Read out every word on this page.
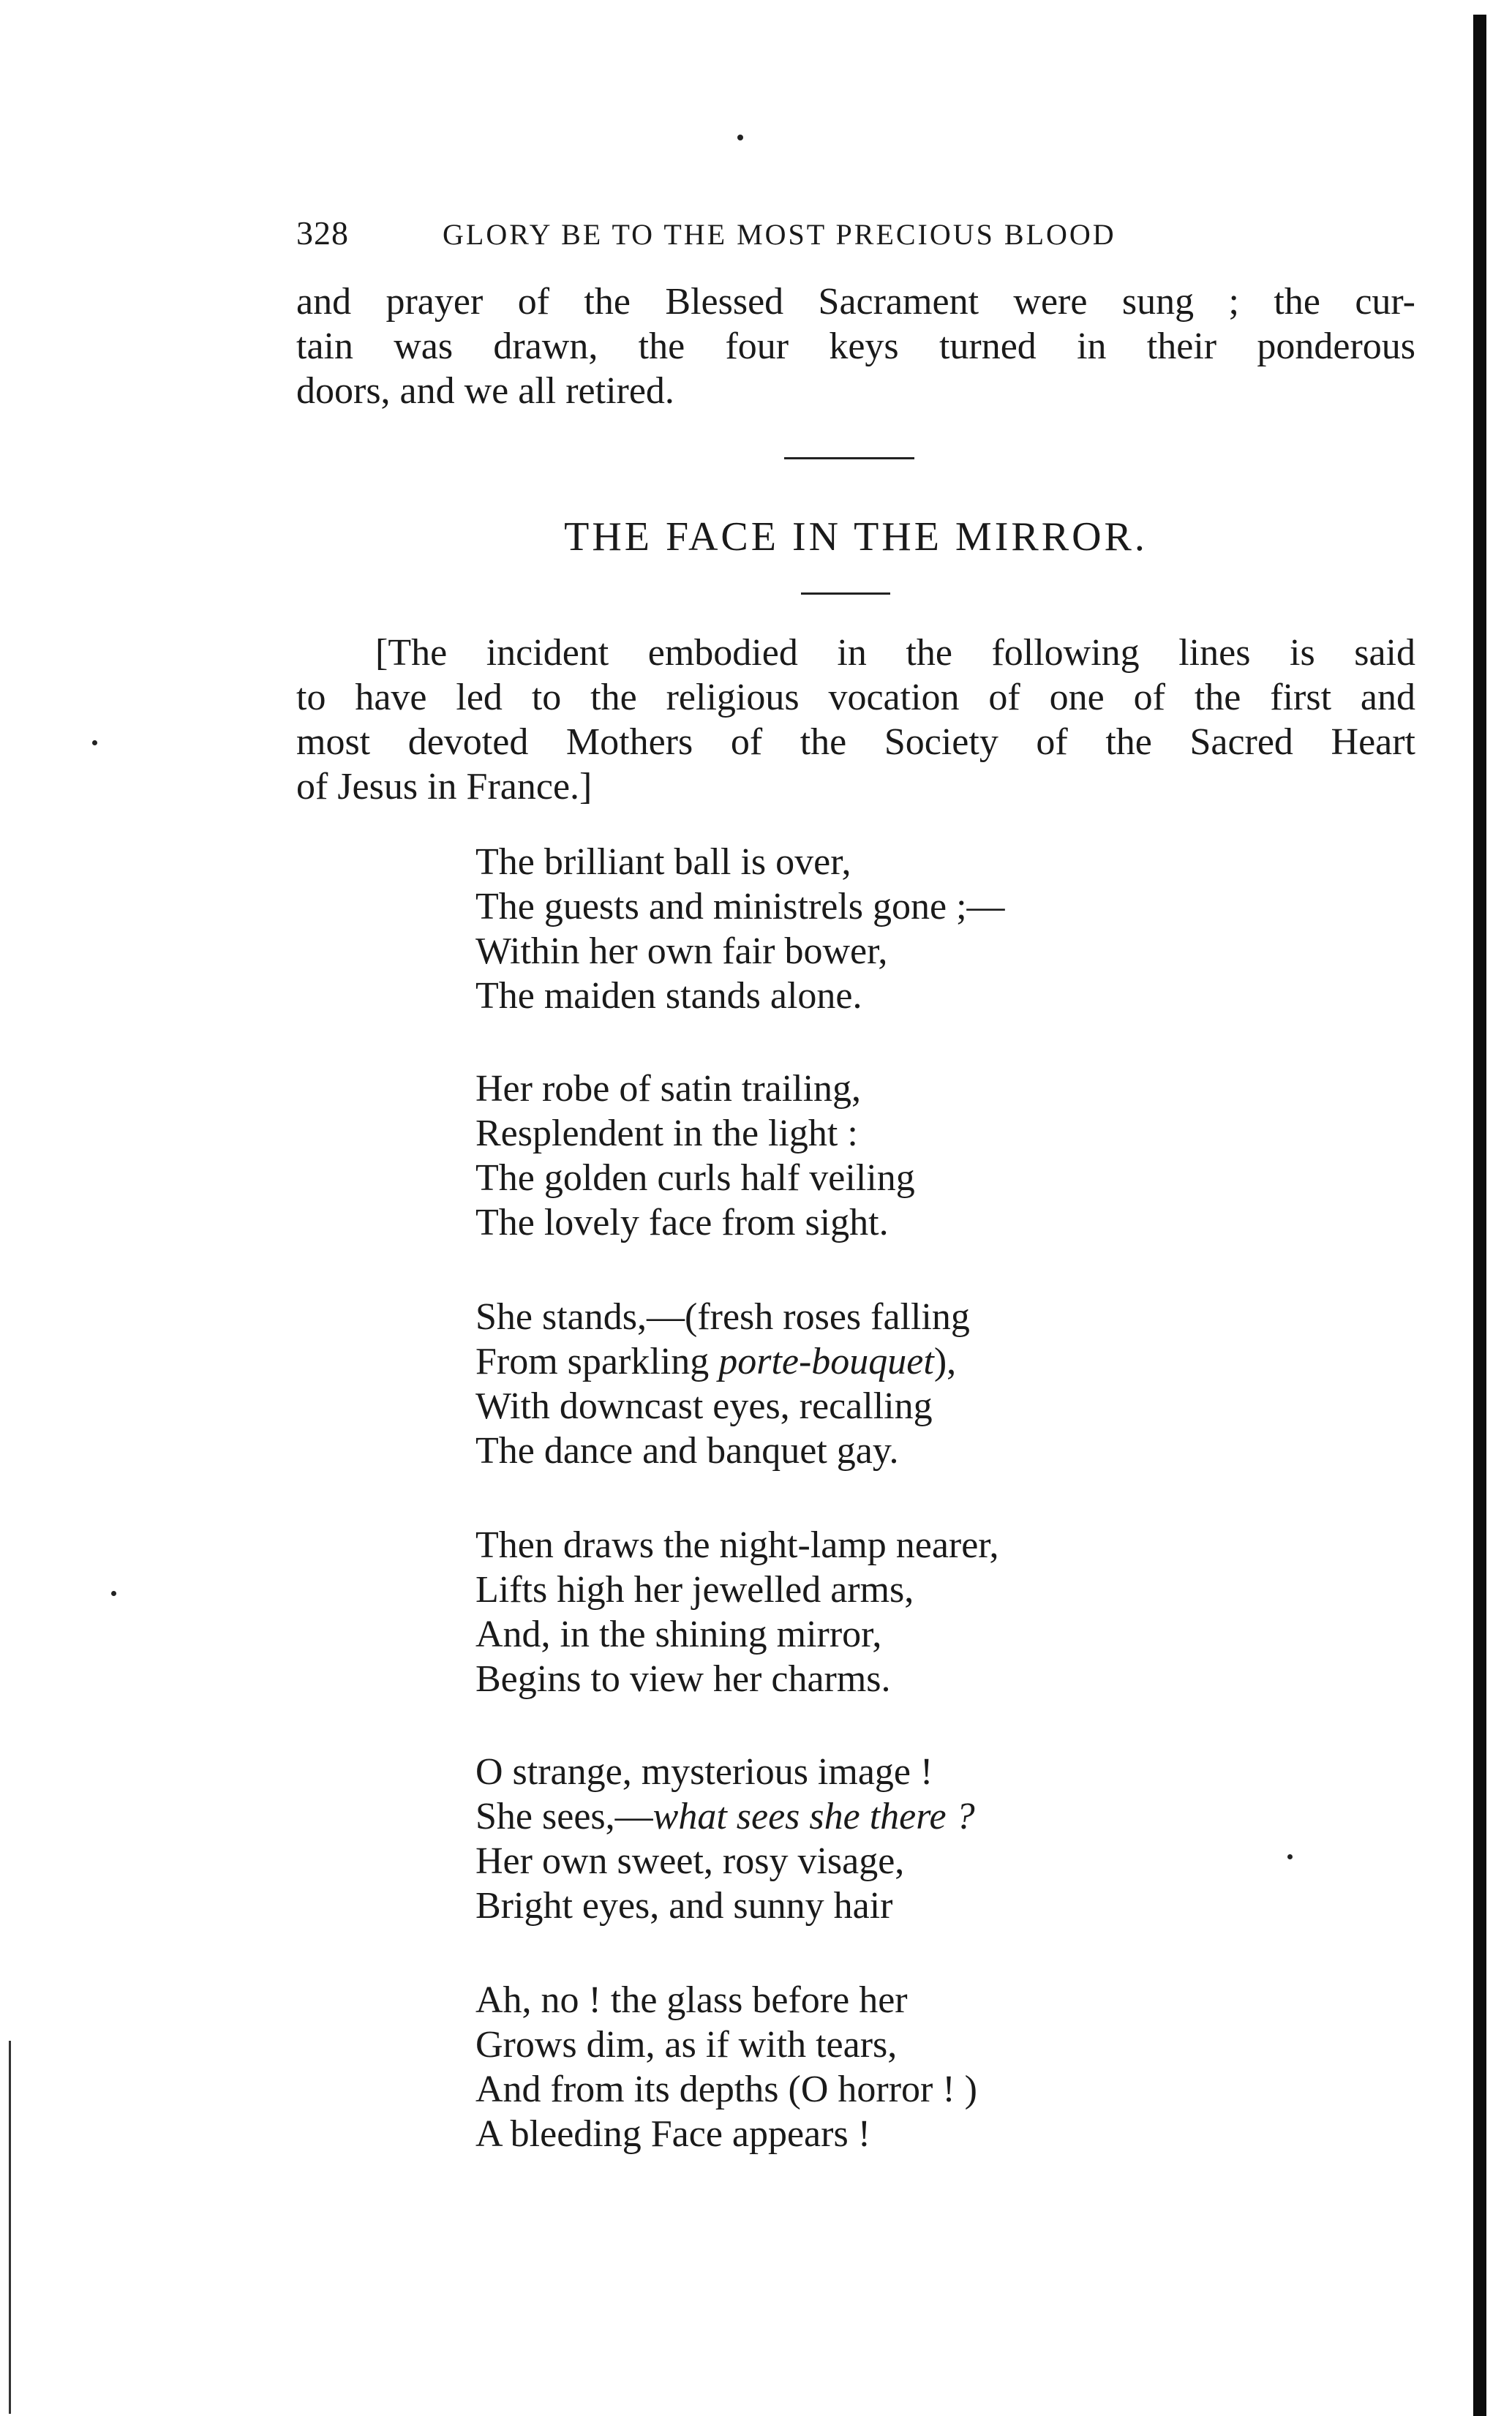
328	GLORY BE TO THE MOST PRECIOUS BLOOD
and prayer of the Blessed Sacrament were sung ; the cur-
tain was drawn, the four keys turned in their ponderous
doors, and we all retired.
THE FACE IN THE MIRROR.
[The incident embodied in the following lines is said
to have led to the religious vocation of one of the first and
most devoted Mothers of the Society of the Sacred Heart
of Jesus in France.]
The brilliant ball is over,
The guests and ministrels gone ;—
Within her own fair bower,
The maiden stands alone.
Her robe of satin trailing,
Resplendent in the light :
The golden curls half veiling
The lovely face from sight.
She stands,—(fresh roses falling
From sparkling porte-bouquet),
With downcast eyes, recalling
The dance and banquet gay.
Then draws the night-lamp nearer,
Lifts high her jewelled arms,
And, in the shining mirror,
Begins to view her charms.
O strange, mysterious image !
She sees,—what sees she there ?
Her own sweet, rosy visage,
Bright eyes, and sunny hair
Ah, no ! the glass before her
Grows dim, as if with tears,
And from its depths (O horror ! )
A bleeding Face appears !
